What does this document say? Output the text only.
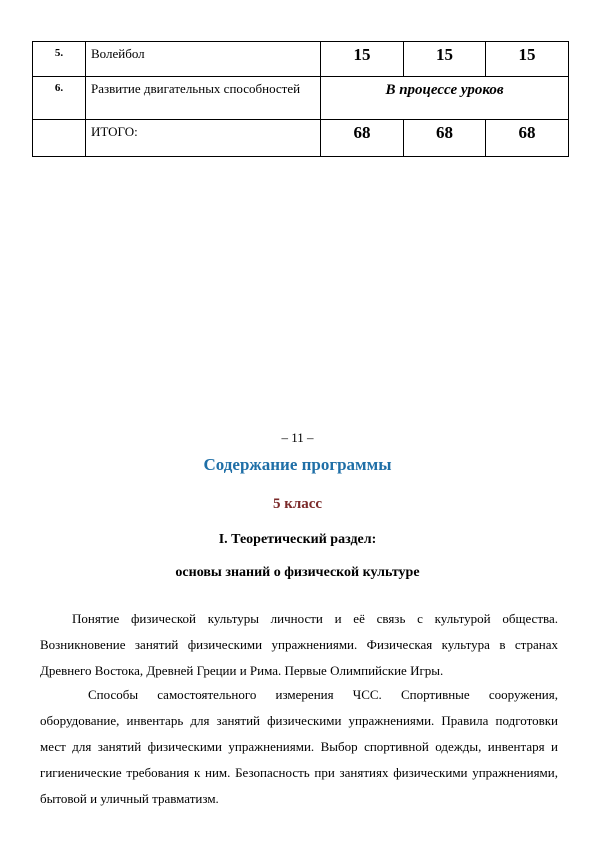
5.	Волейбол	15	15	15
6.	Развитие двигательных способностей	В процессе уроков		
	ИТОГО:	68	68	68
– 11 –
Содержание программы
5 класс
I. Теоретический раздел:
основы знаний о физической культуре

Понятие физической культуры личности и её связь с культурой общества. Возникновение занятий физическими упражнениями. Физическая культура в странах Древнего Востока, Древней Греции и Рима. Первые Олимпийские Игры.

Способы самостоятельного измерения ЧСС. Спортивные сооружения, оборудование, инвентарь для занятий физическими упражнениями. Правила подготовки мест для занятий физическими упражнениями. Выбор спортивной одежды, инвентаря и гигиенические требования к ним. Безопасность при занятиях физическими упражнениями, бытовой и уличный травматизм.
